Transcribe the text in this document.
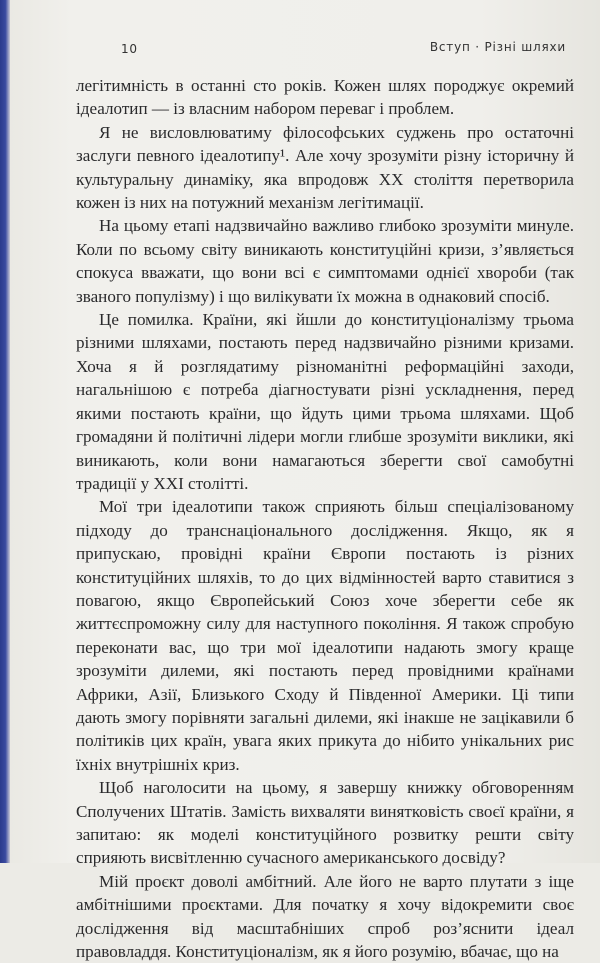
10	Вступ · Різні шляхи

легітимність в останні сто років. Кожен шлях породжує окремий ідеалотип — із власним набором переваг і проблем.

Я не висловлюватиму філософських суджень про остаточні заслуги певного ідеалотипу¹. Але хочу зрозуміти різну історичну й культуральну динаміку, яка впродовж XX століття перетворила кожен із них на потужний механізм легітимації.

На цьому етапі надзвичайно важливо глибоко зрозуміти минуле. Коли по всьому світу виникають конституційні кризи, з’являється спокуса вважати, що вони всі є симптомами однієї хвороби (так званого популізму) і що вилікувати їх можна в однаковий спосіб.

Це помилка. Країни, які йшли до конституціоналізму трьома різними шляхами, постають перед надзвичайно різними кризами. Хоча я й розглядатиму різноманітні реформаційні заходи, нагальнішою є потреба діагностувати різні ускладнення, перед якими постають країни, що йдуть цими трьома шляхами. Щоб громадяни й політичні лідери могли глибше зрозуміти виклики, які виникають, коли вони намагаються зберегти свої самобутні традиції у XXI столітті.

Мої три ідеалотипи також сприяють більш спеціалізованому підходу до транснаціонального дослідження. Якщо, як я припускаю, провідні країни Європи постають із різних конституційних шляхів, то до цих відмінностей варто ставитися з повагою, якщо Європейський Союз хоче зберегти себе як життєспроможну силу для наступного покоління. Я також спробую переконати вас, що три мої ідеалотипи надають змогу краще зрозуміти дилеми, які постають перед провідними країнами Африки, Азії, Близького Сходу й Південної Америки. Ці типи дають змогу порівняти загальні дилеми, які інакше не зацікавили б політиків цих країн, увага яких прикута до нібито унікальних рис їхніх внутрішніх криз.

Щоб наголосити на цьому, я завершу книжку обговоренням Сполучених Штатів. Замість вихваляти винятковість своєї країни, я запитаю: як моделі конституційного розвитку решти світу сприяють висвітленню сучасного американського досвіду?

Мій проєкт доволі амбітний. Але його не варто плутати з іще амбітнішими проєктами. Для початку я хочу відокремити своє дослідження від масштабніших спроб роз’яснити ідеал правовладдя. Конституціоналізм, як я його розумію, вбачає, що на
